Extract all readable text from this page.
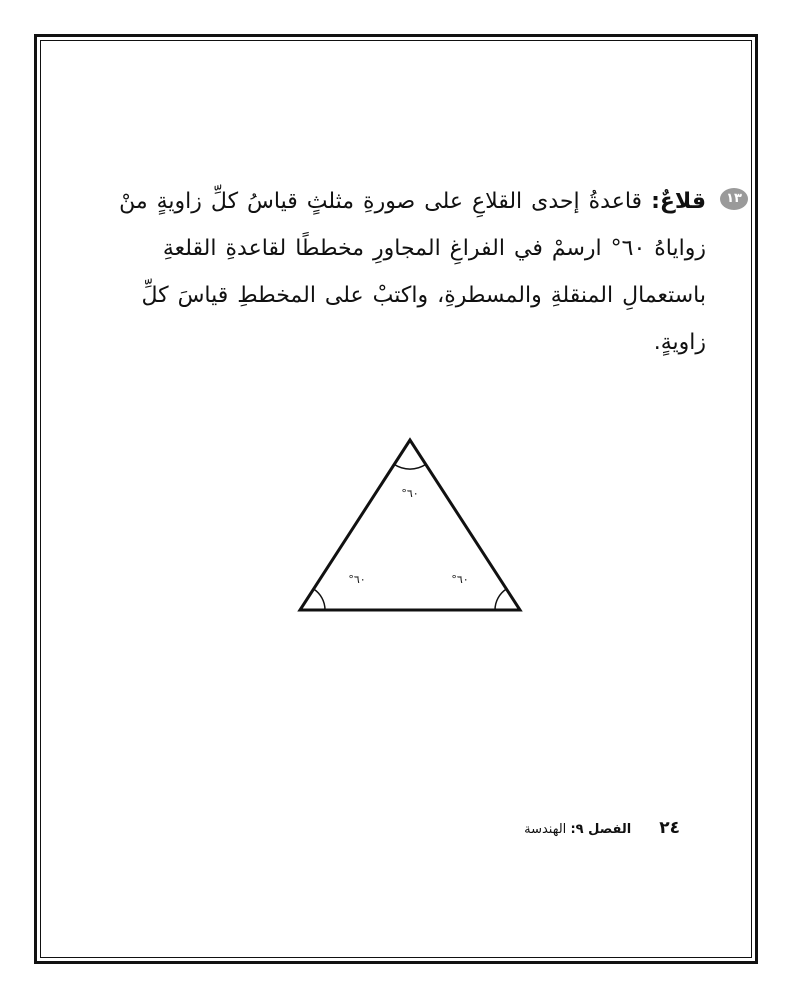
١٣
قلاعٌ: قاعدةُ إحدى القلاعِ على صورةِ مثلثٍ قياسُ كلِّ زاويةٍ منْ زواياهُ ٦٠° ارسمْ في الفراغِ المجاورِ مخططًا لقاعدةِ القلعةِ باستعمالِ المنقلةِ والمسطرةِ، واكتبْ على المخططِ قياسَ كلِّ زاويةٍ.
٦٠°
٦٠°	٦٠°
٢٤
الفصل ٩: الهندسة
